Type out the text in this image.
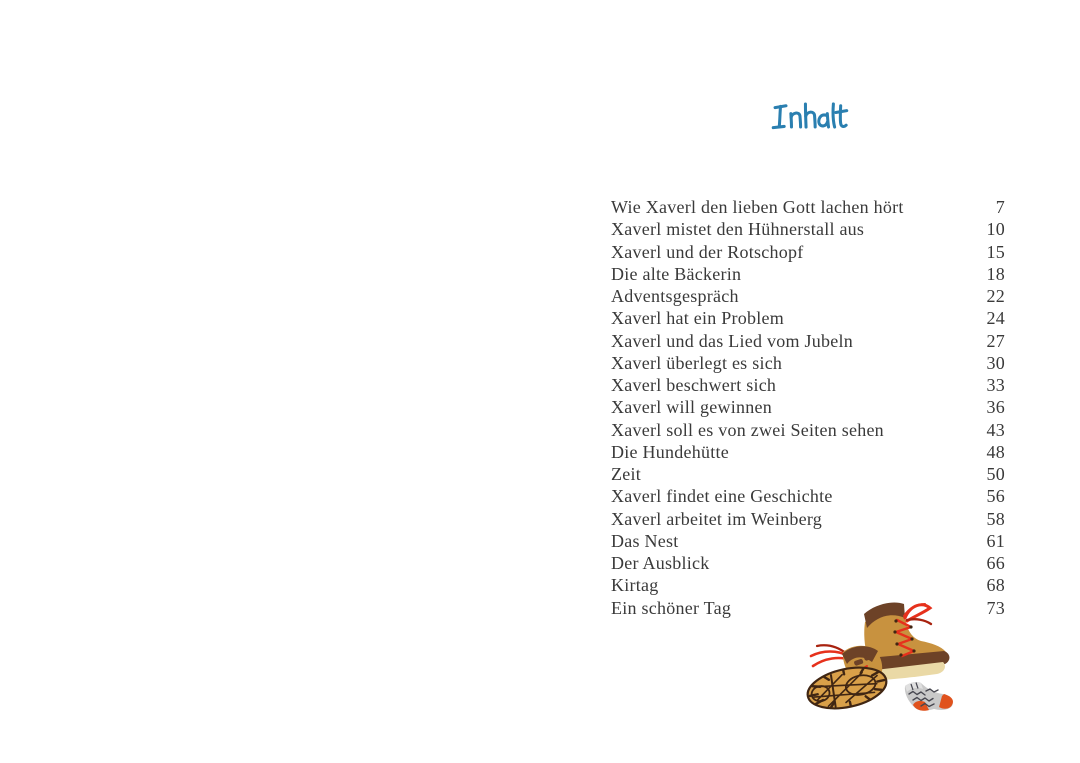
Wie Xaverl den lieben Gott lachen hört	7
Xaverl mistet den Hühnerstall aus	10
Xaverl und der Rotschopf	15
Die alte Bäckerin	18
Adventsgespräch	22
Xaverl hat ein Problem	24
Xaverl und das Lied vom Jubeln	27
Xaverl überlegt es sich	30
Xaverl beschwert sich	33
Xaverl will gewinnen	36
Xaverl soll es von zwei Seiten sehen	43
Die Hundehütte	48
Zeit	50
Xaverl findet eine Geschichte	56
Xaverl arbeitet im Weinberg	58
Das Nest	61
Der Ausblick	66
Kirtag	68
Ein schöner Tag	73
